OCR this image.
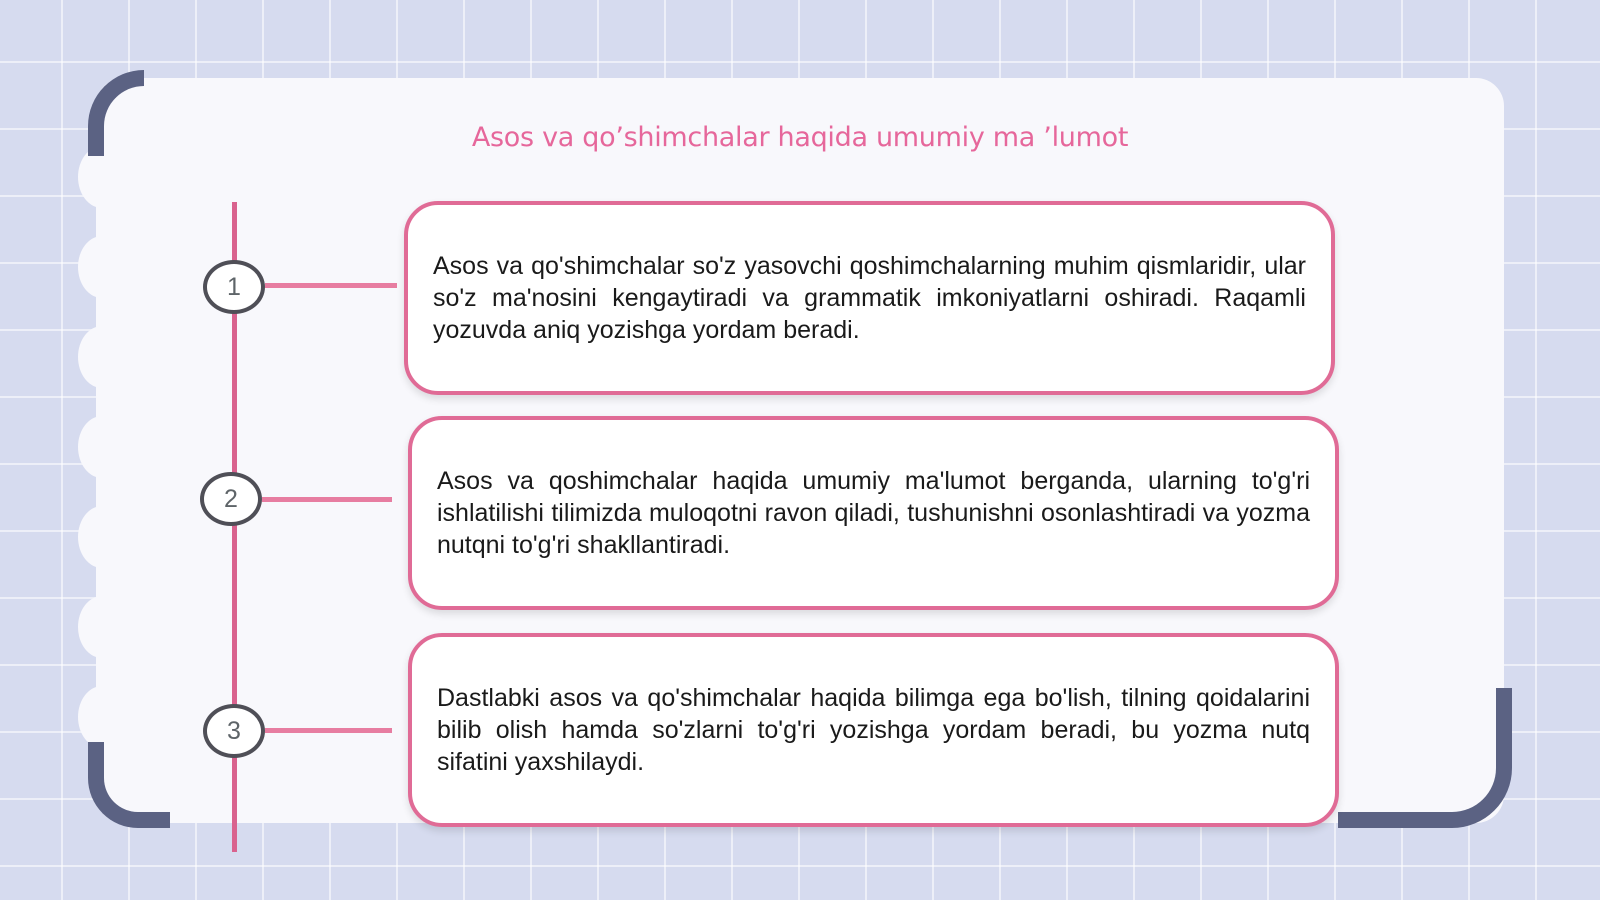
Asos va qo’shimchalar haqida umumiy ma ’lumot
1
2
3
Asos va qo'shimchalar so'z yasovchi qoshimchalarning muhim qismlaridir, ular so'z ma'nosini kengaytiradi va grammatik imkoniyatlarni oshiradi. Raqamli yozuvda aniq yozishga yordam beradi.
Asos va qoshimchalar haqida umumiy ma'lumot berganda, ularning to'g'ri ishlatilishi tilimizda muloqotni ravon qiladi, tushunishni osonlashtiradi va yozma nutqni to'g'ri shakllantiradi.
Dastlabki asos va qo'shimchalar haqida bilimga ega bo'lish, tilning qoidalarini bilib olish hamda so'zlarni to'g'ri yozishga yordam beradi, bu yozma nutq sifatini yaxshilaydi.
